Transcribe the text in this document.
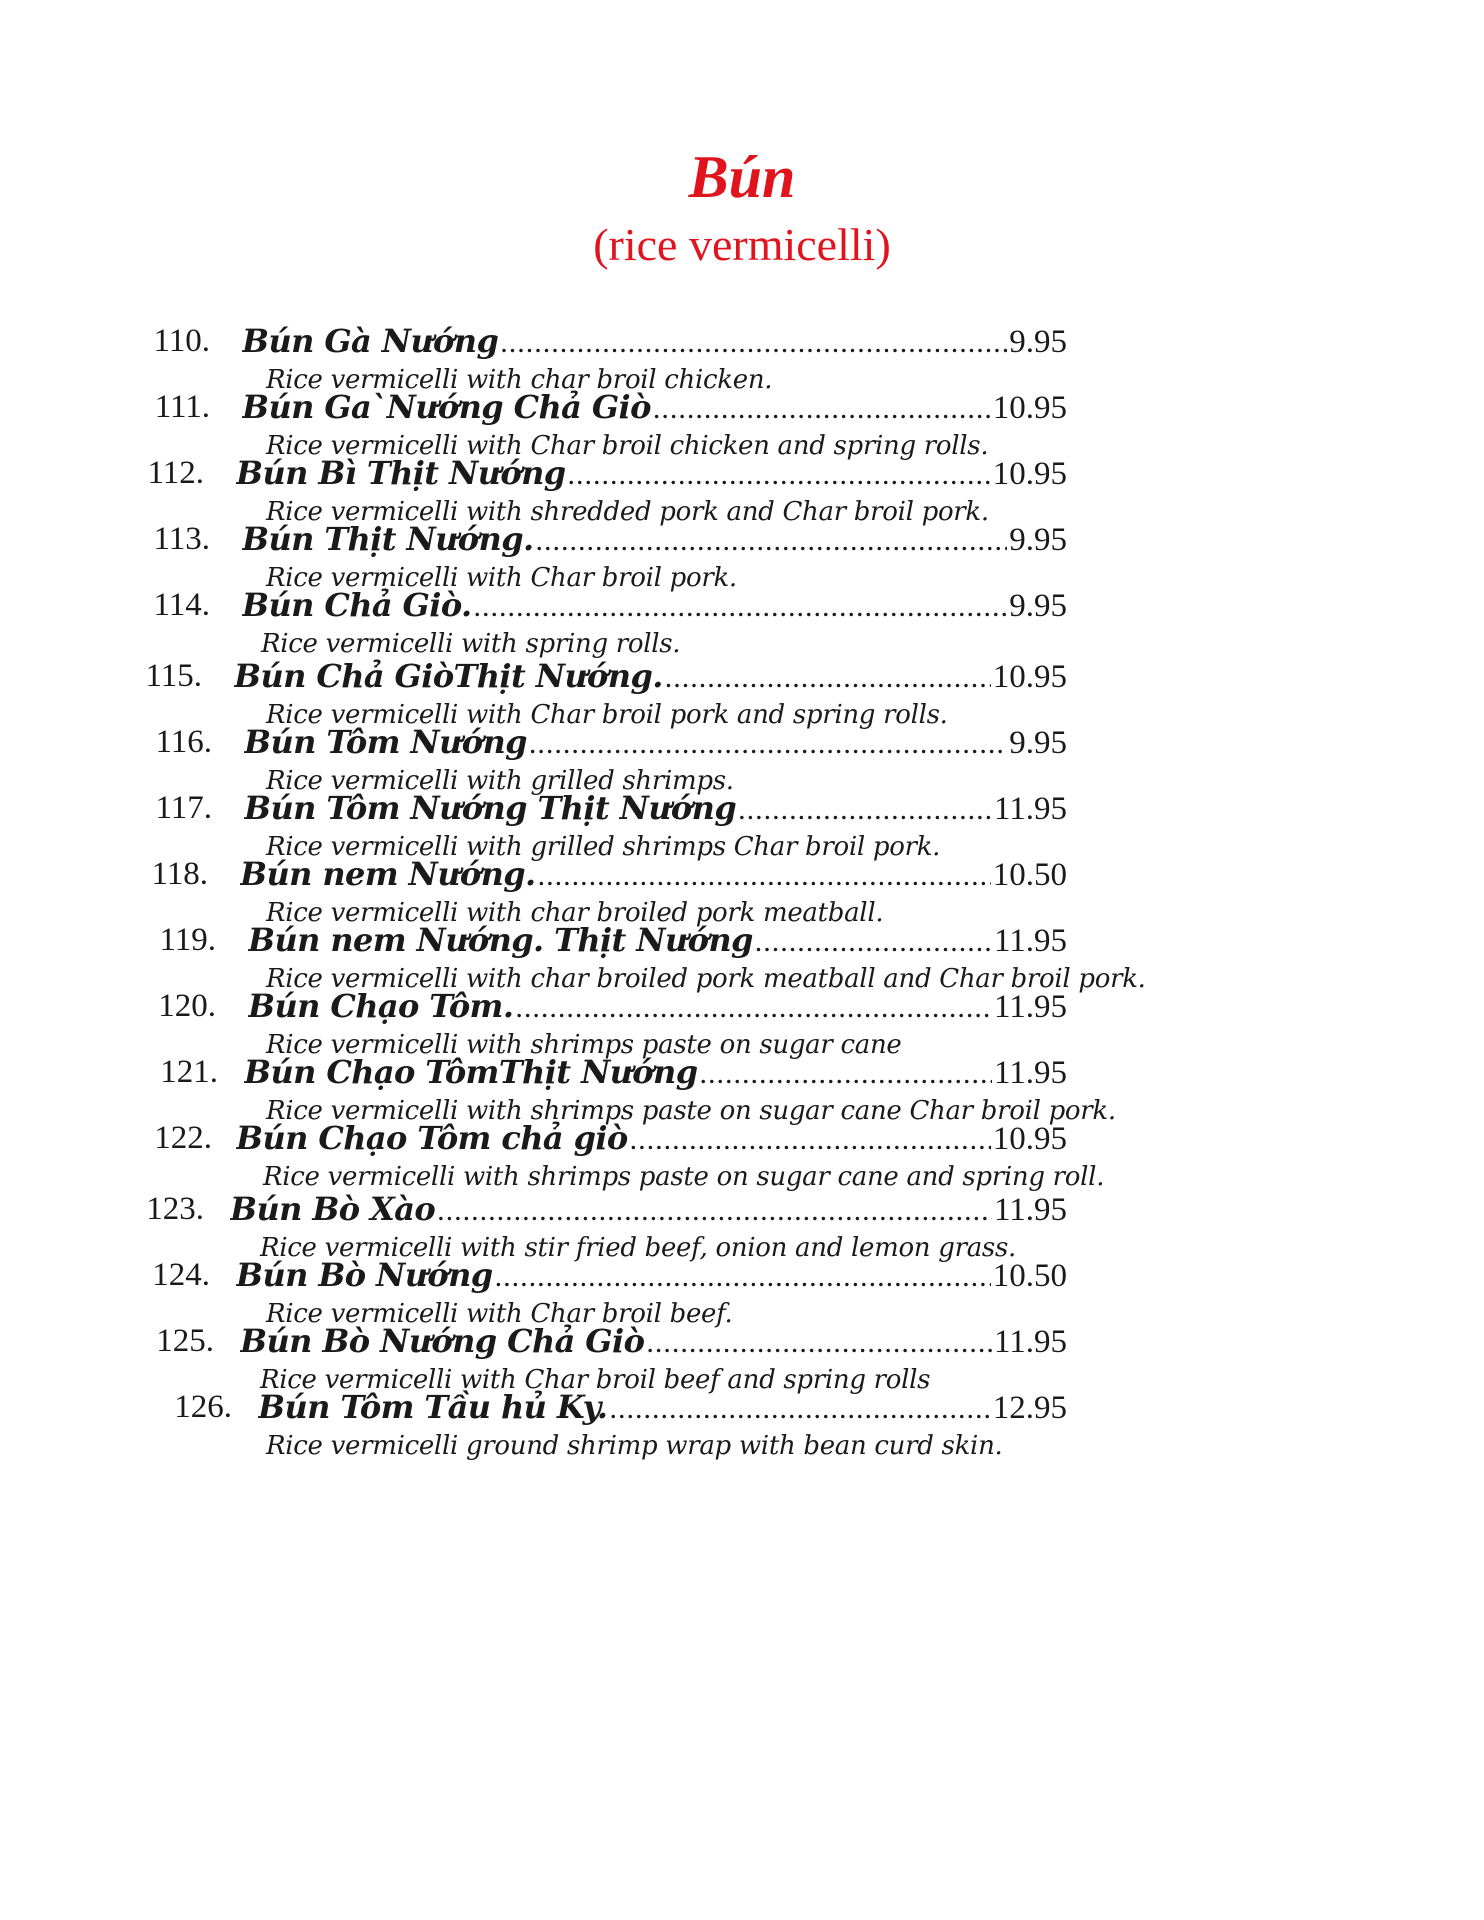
Bún
(rice vermicelli)
110. Bún Gà Nướng .....	9.95
Rice vermicelli with char broil chicken.
111. Bún Ga`Nướng Chả Giò .....	10.95
Rice vermicelli with Char broil chicken and spring rolls.
112. Bún Bì Thịt Nướng .....	10.95
Rice vermicelli with shredded pork and Char broil pork.
113. Bún Thịt Nướng. .....	9.95
Rice vermicelli with Char broil pork.
114. Bún Chả Giò. .....	9.95
Rice vermicelli with spring rolls.
115. Bún Chả GiòThịt Nướng. .....	10.95
Rice vermicelli with Char broil pork and spring rolls.
116. Bún Tôm Nướng .....	9.95
Rice vermicelli with grilled shrimps.
117. Bún Tôm Nướng Thịt Nướng .....	11.95
Rice vermicelli with grilled shrimps Char broil pork.
118. Bún nem Nướng. .....	10.50
Rice vermicelli with char broiled pork meatball.
119. Bún nem Nướng. Thịt Nướng .....	11.95
Rice vermicelli with char broiled pork meatball and Char broil pork.
120. Bún Chạo Tôm. .....	11.95
Rice vermicelli with shrimps paste on sugar cane
121. Bún Chạo TômThịt Nướng .....	11.95
Rice vermicelli with shrimps paste on sugar cane Char broil pork.
122. Bún Chạo Tôm chả giò .....	10.95
Rice vermicelli with shrimps paste on sugar cane and spring roll.
123. Bún Bò Xào .....	11.95
Rice vermicelli with stir fried beef, onion and lemon grass.
124. Bún Bò Nướng .....	10.50
Rice vermicelli with Char broil beef.
125. Bún Bò Nướng Chả Giò .....	11.95
Rice vermicelli with Char broil beef and spring rolls
126. Bún Tôm Tầu hủ Ky. .....	12.95
Rice vermicelli ground shrimp wrap with bean curd skin.
